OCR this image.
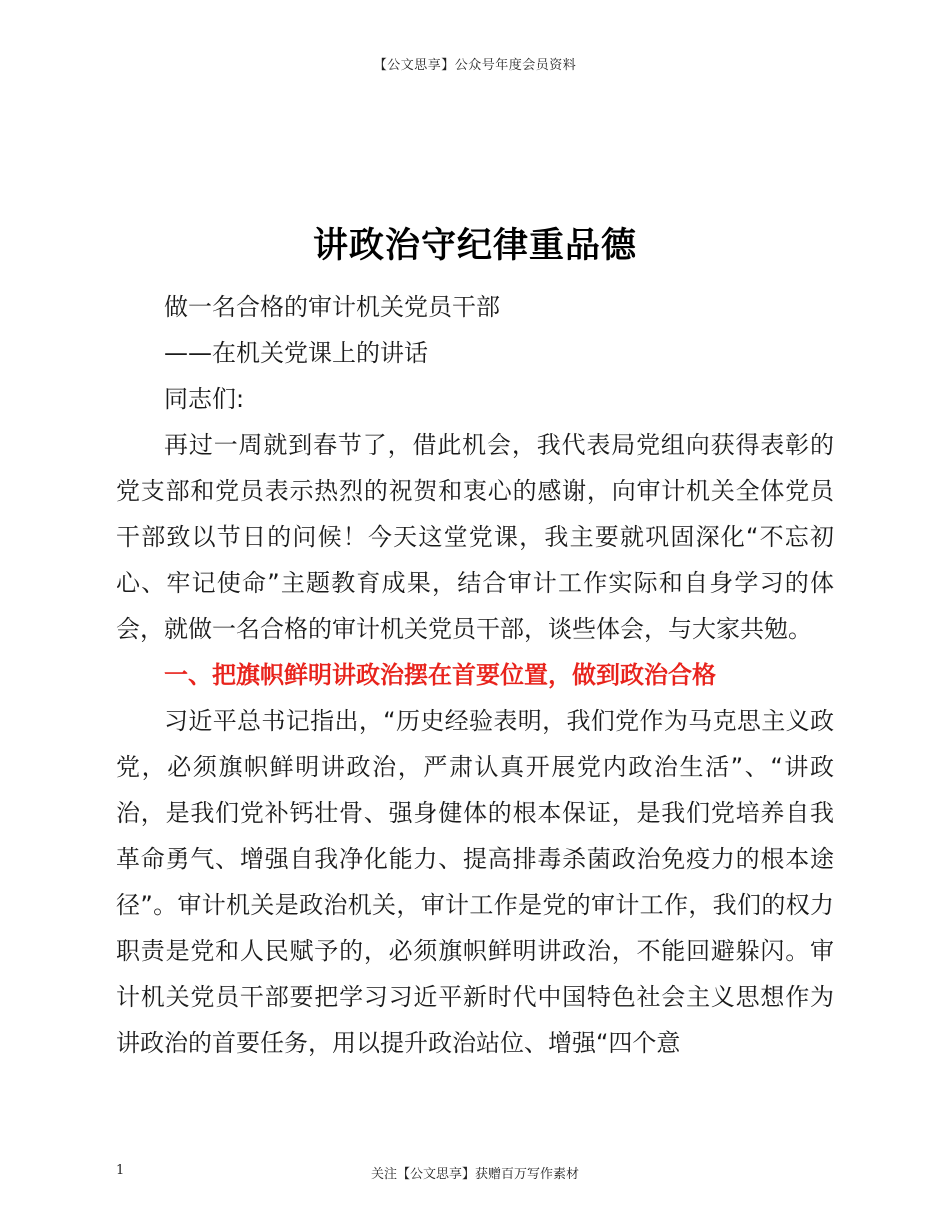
【公文思享】公众号年度会员资料
讲政治守纪律重品德

做一名合格的审计机关党员干部

——在机关党课上的讲话

同志们:

再过一周就到春节了，借此机会，我代表局党组向获得表彰的党支部和党员表示热烈的祝贺和衷心的感谢，向审计机关全体党员干部致以节日的问候！今天这堂党课，我主要就巩固深化“不忘初心、牢记使命”主题教育成果，结合审计工作实际和自身学习的体会，就做一名合格的审计机关党员干部，谈些体会，与大家共勉。

一、把旗帜鲜明讲政治摆在首要位置，做到政治合格

习近平总书记指出，“历史经验表明，我们党作为马克思主义政党，必须旗帜鲜明讲政治，严肃认真开展党内政治生活”、“讲政治，是我们党补钙壮骨、强身健体的根本保证，是我们党培养自我革命勇气、增强自我净化能力、提高排毒杀菌政治免疫力的根本途径”。审计机关是政治机关，审计工作是党的审计工作，我们的权力职责是党和人民赋予的，必须旗帜鲜明讲政治，不能回避躲闪。审计机关党员干部要把学习习近平新时代中国特色社会主义思想作为讲政治的首要任务，用以提升政治站位、增强“四个意

1	关注【公文思享】获赠百万写作素材
